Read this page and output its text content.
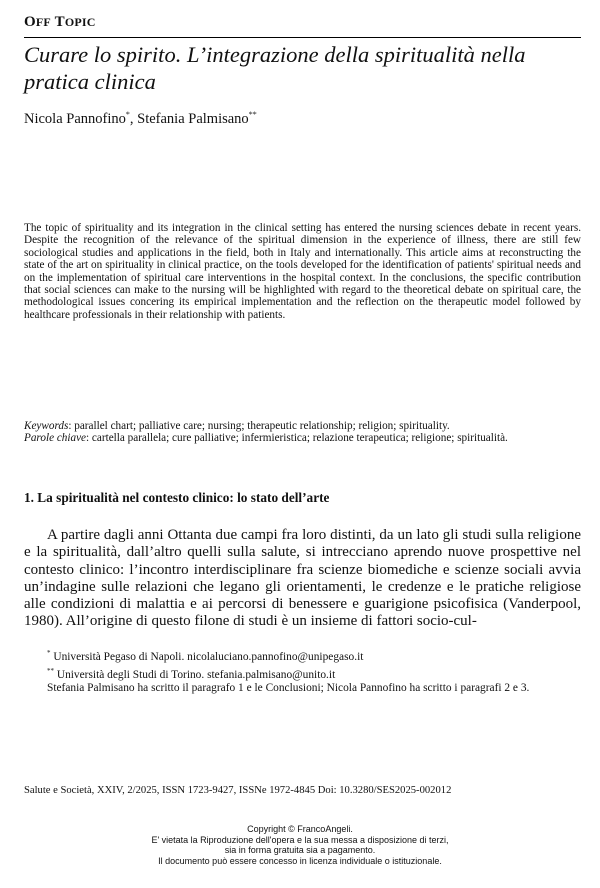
OFF TOPIC
Curare lo spirito. L’integrazione della spiritualità nella pratica clinica
Nicola Pannofino*, Stefania Palmisano**
The topic of spirituality and its integration in the clinical setting has entered the nursing sciences debate in recent years. Despite the recognition of the relevance of the spiritual dimension in the experience of illness, there are still few sociological studies and applications in the field, both in Italy and internationally. This article aims at reconstructing the state of the art on spirituality in clinical practice, on the tools developed for the identification of patients' spiritual needs and on the implementation of spiritual care interventions in the hospital context. In the conclusions, the specific contribution that social sciences can make to the nursing will be highlighted with regard to the theoretical debate on spiritual care, the methodological issues concering its empirical implementation and the reflection on the therapeutic model followed by healthcare professionals in their relationship with patients.

Keywords: parallel chart; palliative care; nursing; therapeutic relationship; religion; spirituality.

Parole chiave: cartella parallela; cure palliative; infermieristica; relazione terapeutica; religione; spiritualità.

1. La spiritualità nel contesto clinico: lo stato dell’arte
A partire dagli anni Ottanta due campi fra loro distinti, da un lato gli studi sulla religione e la spiritualità, dall’altro quelli sulla salute, si intrecciano aprendo nuove prospettive nel contesto clinico: l’incontro interdisciplinare fra scienze biomediche e scienze sociali avvia un’indagine sulle relazioni che legano gli orientamenti, le credenze e le pratiche religiose alle condizioni di malattia e ai percorsi di benessere e guarigione psicofisica (Vanderpool, 1980). All’origine di questo filone di studi è un insieme di fattori socio-cul-

* Università Pegaso di Napoli. nicolaluciano.pannofino@unipegaso.it

** Università degli Studi di Torino. stefania.palmisano@unito.it

Stefania Palmisano ha scritto il paragrafo 1 e le Conclusioni; Nicola Pannofino ha scritto i paragrafi 2 e 3.

Salute e Società, XXIV, 2/2025, ISSN 1723-9427, ISSNe 1972-4845 Doi: 10.3280/SES2025-002012
Copyright © FrancoAngeli.
E' vietata la Riproduzione dell'opera e la sua messa a disposizione di terzi,
sia in forma gratuita sia a pagamento.
Il documento può essere concesso in licenza individuale o istituzionale.
